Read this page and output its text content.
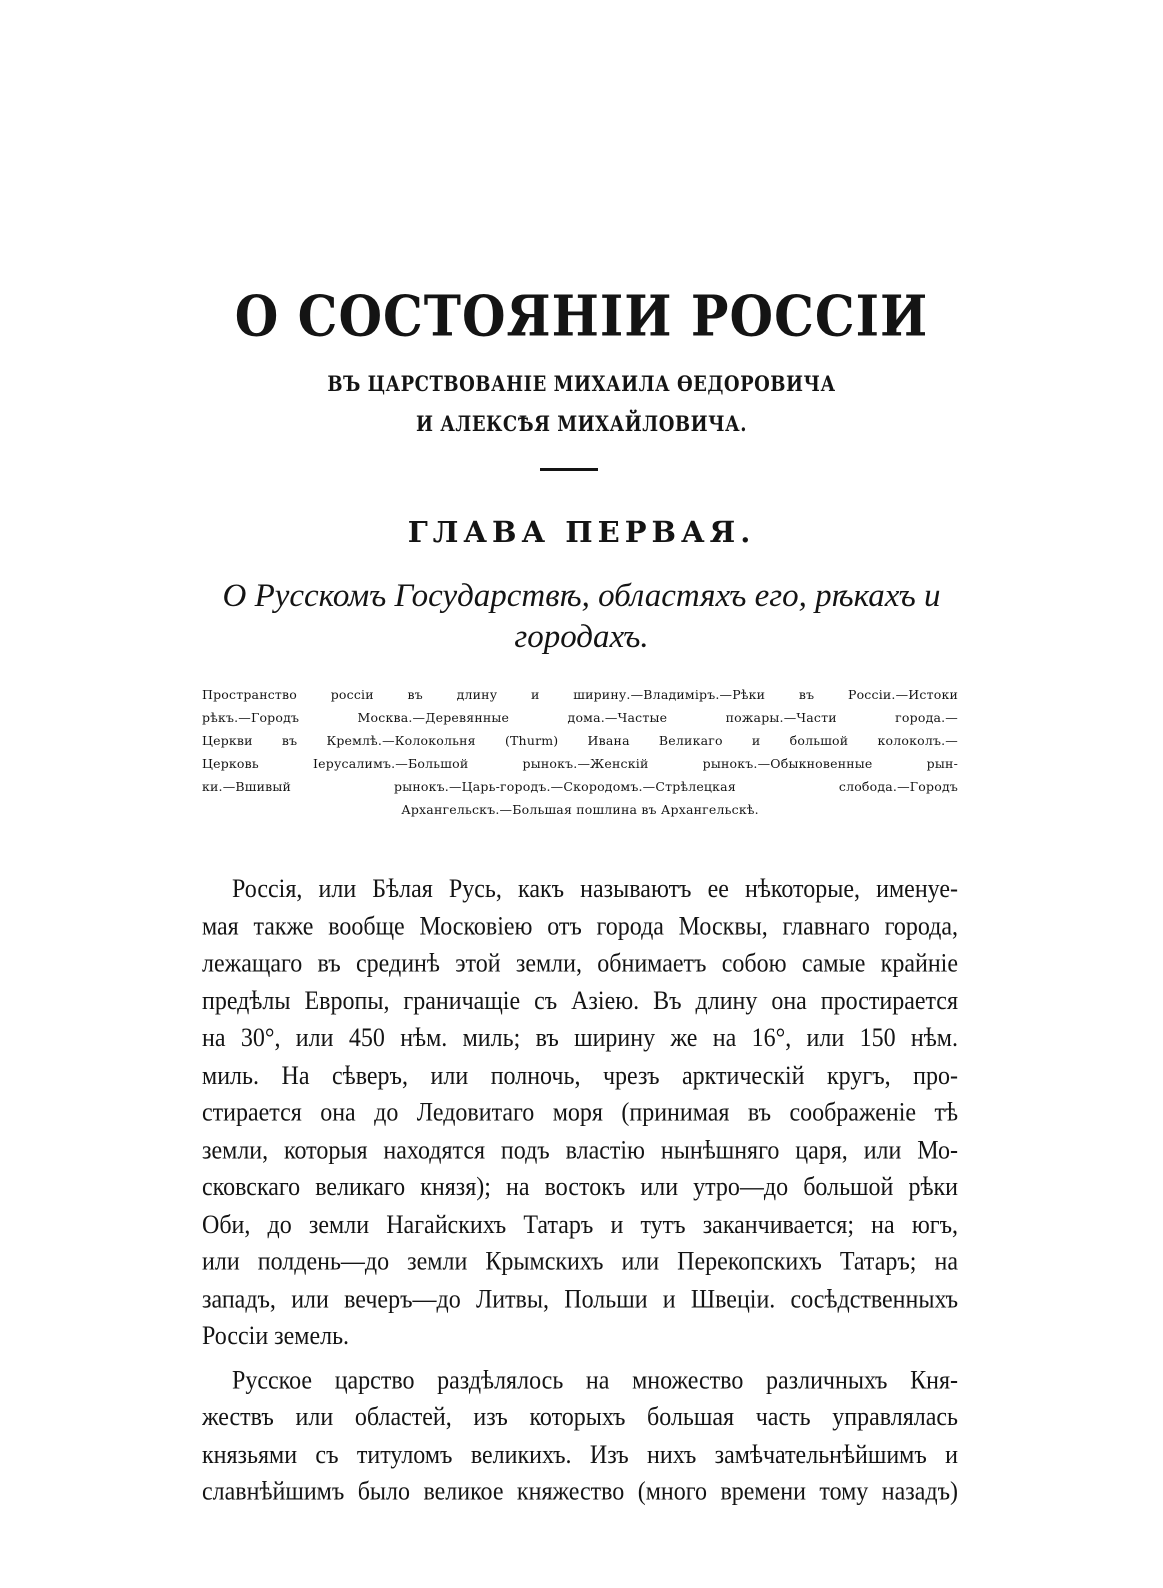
О СОСТОЯНІИ РОССІИ
ВЪ ЦАРСТВОВАНІЕ МИХАИЛА ѲЕДОРОВИЧА
И АЛЕКСѢЯ МИХАЙЛОВИЧА.
ГЛАВА ПЕРВАЯ.
О Русскомъ Государствѣ, областяхъ его, рѣкахъ и
городахъ.
Пространство россіи въ длину и ширину.—Владиміръ.—Рѣки въ Россіи.—Истоки
рѣкъ.—Городъ Москва.—Деревянные дома.—Частые пожары.—Части города.—
Церкви въ Кремлѣ.—Колокольня (Thurm) Ивана Великаго и большой колоколъ.—
Церковь Іерусалимъ.—Большой рынокъ.—Женскій рынокъ.—Обыкновенные рын-
ки.—Вшивый рынокъ.—Царь-городъ.—Скородомъ.—Стрѣлецкая слобода.—Городъ
Архангельскъ.—Большая пошлина въ Архангельскѣ.
Россія, или Бѣлая Русь, какъ называютъ ее нѣкоторые, именуе-
мая также вообще Московіею отъ города Москвы, главнаго города,
лежащаго въ срединѣ этой земли, обнимаетъ собою самые крайніе
предѣлы Европы, граничащіе съ Азіею. Въ длину она простирается
на 30°, или 450 нѣм. миль; въ ширину же на 16°, или 150 нѣм.
миль. На сѣверъ, или полночь, чрезъ арктическій кругъ, про-
стирается она до Ледовитаго моря (принимая въ соображеніе тѣ
земли, которыя находятся подъ властію нынѣшняго царя, или Мо-
сковскаго великаго князя); на востокъ или утро—до большой рѣки
Оби, до земли Нагайскихъ Татаръ и тутъ заканчивается; на югъ,
или полдень—до земли Крымскихъ или Перекопскихъ Татаръ; на
западъ, или вечеръ—до Литвы, Польши и Швеціи. сосѣдственныхъ
Россіи земель.
Русское царство раздѣлялось на множество различныхъ Кня-
жествъ или областей, изъ которыхъ большая часть управлялась
князьями съ титуломъ великихъ. Изъ нихъ замѣчательнѣйшимъ и
славнѣйшимъ было великое княжество (много времени тому назадъ)
